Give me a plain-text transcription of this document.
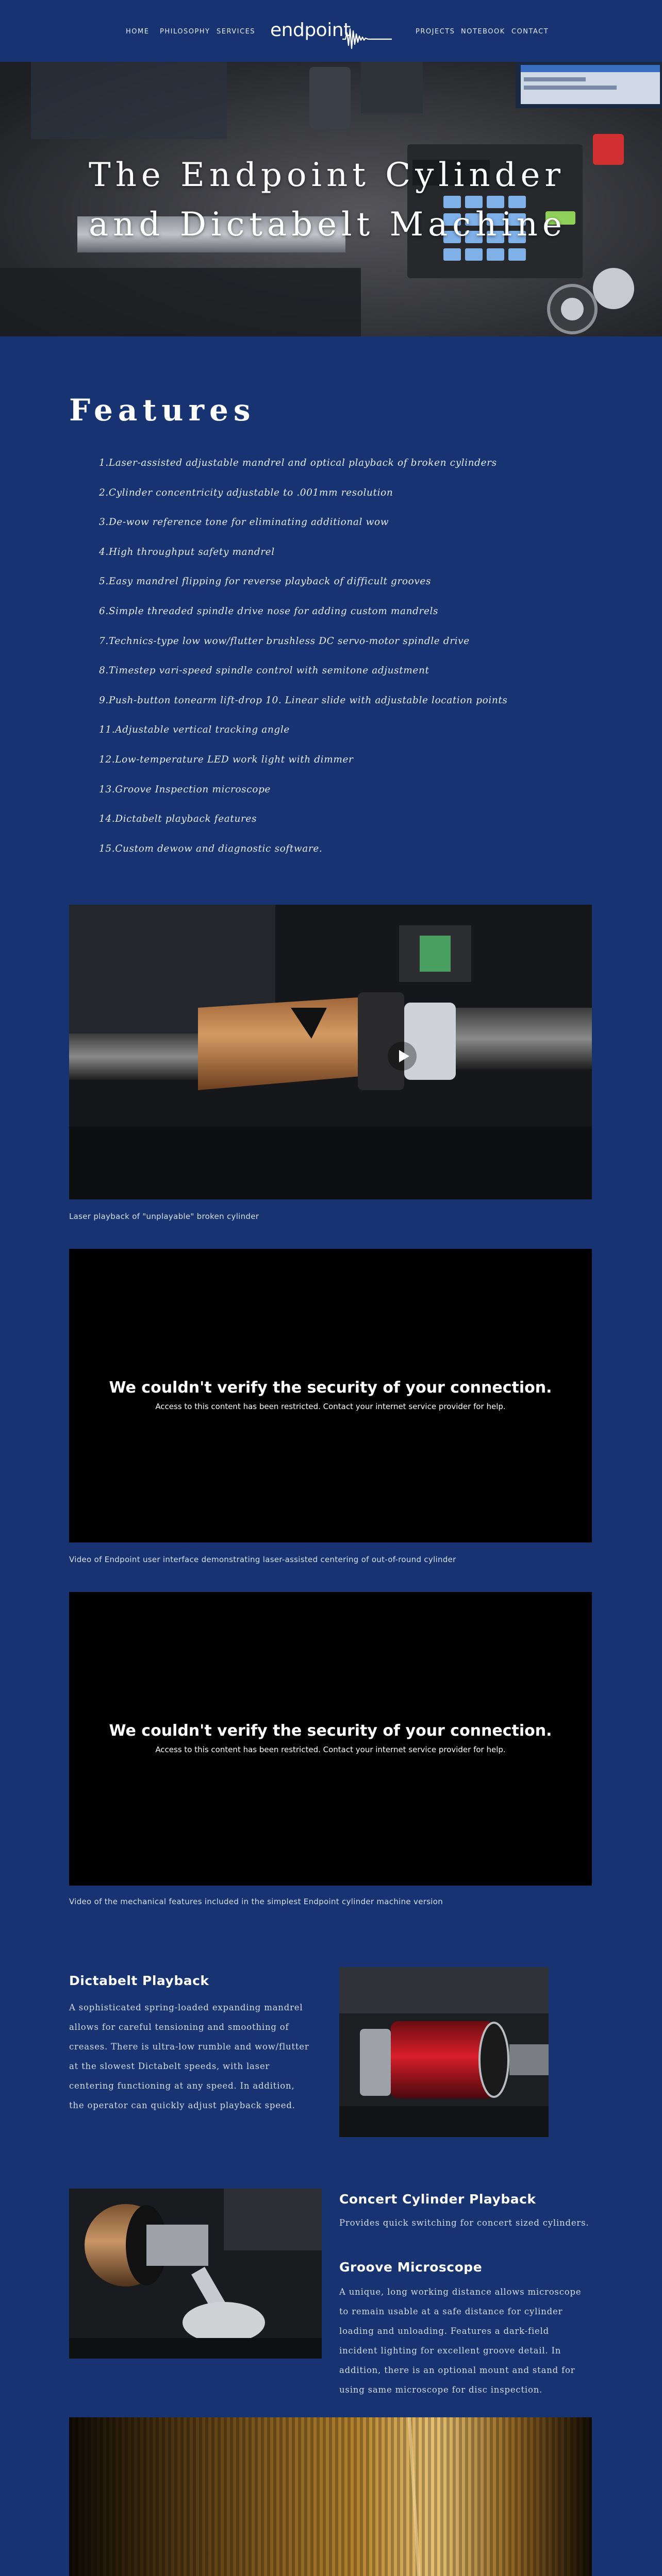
HOME PHILOSOPHY SERVICES endpoint	PROJECTS NOTEBOOK CONTACT
The Endpoint Cylinder
and Dictabelt Machine
Features
1.Laser-assisted adjustable mandrel and optical playback of broken cylinders
2.Cylinder concentricity adjustable to .001mm resolution
3.De-wow reference tone for eliminating additional wow
4.High throughput safety mandrel
5.Easy mandrel flipping for reverse playback of difficult grooves
6.Simple threaded spindle drive nose for adding custom mandrels
7.Technics-type low wow/flutter brushless DC servo-motor spindle drive
8.Timestep vari-speed spindle control with semitone adjustment
9.Push-button tonearm lift-drop 10. Linear slide with adjustable location points
11.Adjustable vertical tracking angle
12.Low-temperature LED work light with dimmer
13.Groove Inspection microscope
14.Dictabelt playback features
15.Custom dewow and diagnostic software.
Laser playback of "unplayable" broken cylinder
We couldn't verify the security of your connection.
Access to this content has been restricted. Contact your internet service provider for help.
Video of Endpoint user interface demonstrating laser-assisted centering of out-of-round cylinder
We couldn't verify the security of your connection.
Access to this content has been restricted. Contact your internet service provider for help.
Video of the mechanical features included in the simplest Endpoint cylinder machine version
Dictabelt Playback

A sophisticated spring-loaded expanding mandrel allows for careful tensioning and smoothing of creases. There is ultra-low rumble and wow/flutter at the slowest Dictabelt speeds, with laser centering functioning at any speed. In addition, the operator can quickly adjust playback speed.

Concert Cylinder Playback

Provides quick switching for concert sized cylinders.

Groove Microscope

A unique, long working distance allows microscope to remain usable at a safe distance for cylinder loading and unloading. Features a dark-field incident lighting for excellent groove detail. In addition, there is an optional mount and stand for using same microscope for disc inspection.
